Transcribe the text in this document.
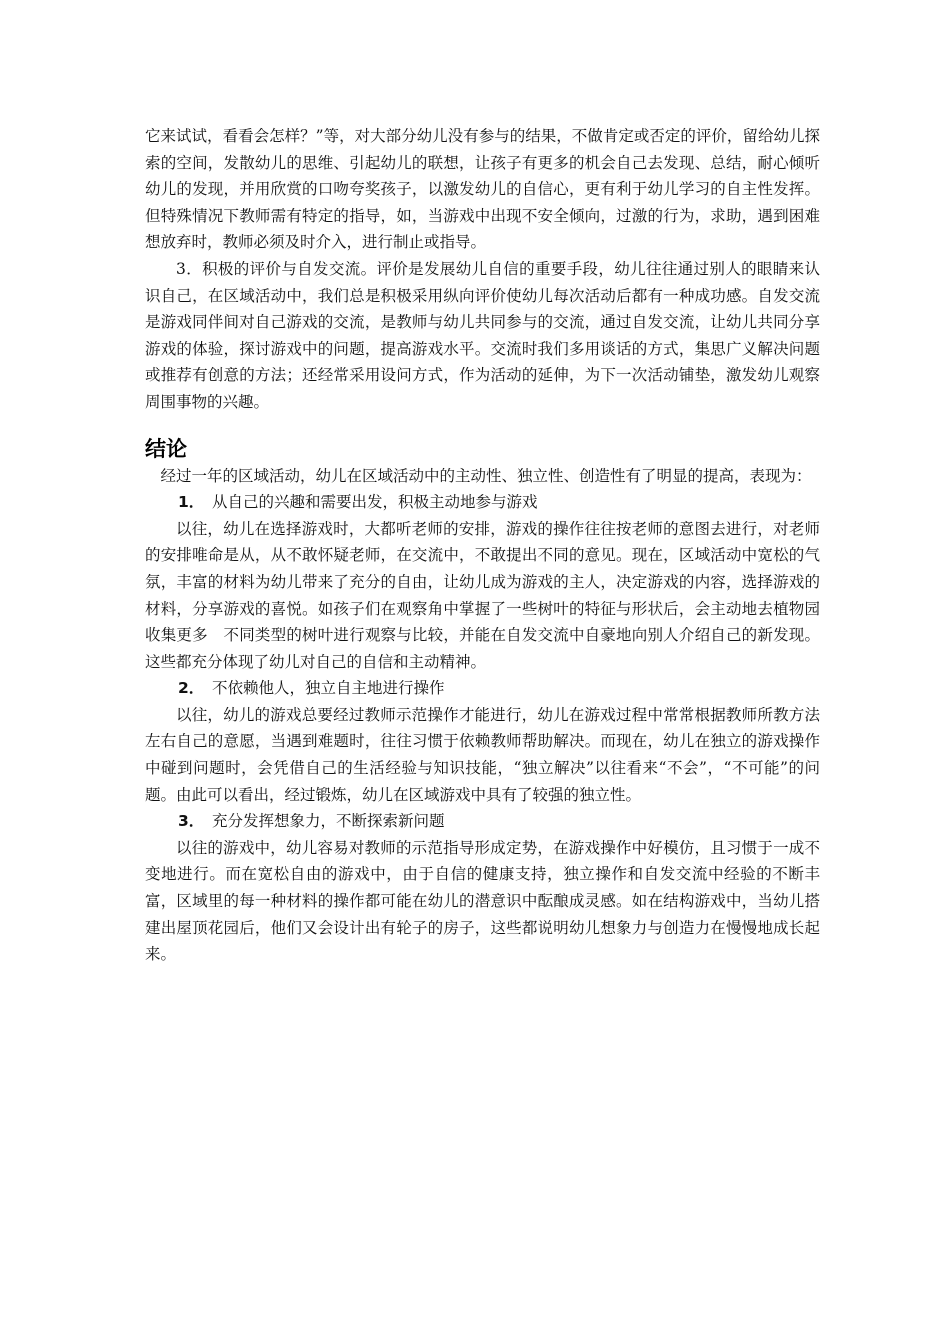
它来试试，看看会怎样？”等，对大部分幼儿没有参与的结果，不做肯定或否定的评价，留给幼儿探索的空间，发散幼儿的思维、引起幼儿的联想，让孩子有更多的机会自己去发现、总结，耐心倾听幼儿的发现，并用欣赏的口吻夸奖孩子，以激发幼儿的自信心，更有利于幼儿学习的自主性发挥。但特殊情况下教师需有特定的指导，如，当游戏中出现不安全倾向，过激的行为，求助，遇到困难想放弃时，教师必须及时介入，进行制止或指导。

3．积极的评价与自发交流。评价是发展幼儿自信的重要手段，幼儿往往通过别人的眼睛来认识自己，在区域活动中，我们总是积极采用纵向评价使幼儿每次活动后都有一种成功感。自发交流是游戏同伴间对自己游戏的交流，是教师与幼儿共同参与的交流，通过自发交流，让幼儿共同分享游戏的体验，探讨游戏中的问题，提高游戏水平。交流时我们多用谈话的方式，集思广义解决问题或推荐有创意的方法；还经常采用设问方式，作为活动的延伸，为下一次活动铺垫，激发幼儿观察周围事物的兴趣。

结论

经过一年的区域活动，幼儿在区域活动中的主动性、独立性、创造性有了明显的提高，表现为：

1． 从自己的兴趣和需要出发，积极主动地参与游戏

以往，幼儿在选择游戏时，大都听老师的安排，游戏的操作往往按老师的意图去进行，对老师的安排唯命是从，从不敢怀疑老师，在交流中，不敢提出不同的意见。现在，区域活动中宽松的气氛，丰富的材料为幼儿带来了充分的自由，让幼儿成为游戏的主人，决定游戏的内容，选择游戏的材料，分享游戏的喜悦。如孩子们在观察角中掌握了一些树叶的特征与形状后，会主动地去植物园收集更多　不同类型的树叶进行观察与比较，并能在自发交流中自豪地向别人介绍自己的新发现。这些都充分体现了幼儿对自己的自信和主动精神。

2． 不依赖他人，独立自主地进行操作

以往，幼儿的游戏总要经过教师示范操作才能进行，幼儿在游戏过程中常常根据教师所教方法左右自己的意愿，当遇到难题时，往往习惯于依赖教师帮助解决。而现在，幼儿在独立的游戏操作中碰到问题时，会凭借自己的生活经验与知识技能，“独立解决”以往看来“不会”，“不可能”的问题。由此可以看出，经过锻炼，幼儿在区域游戏中具有了较强的独立性。

3． 充分发挥想象力，不断探索新问题

以往的游戏中，幼儿容易对教师的示范指导形成定势，在游戏操作中好模仿，且习惯于一成不变地进行。而在宽松自由的游戏中，由于自信的健康支持，独立操作和自发交流中经验的不断丰富，区域里的每一种材料的操作都可能在幼儿的潜意识中酝酿成灵感。如在结构游戏中，当幼儿搭建出屋顶花园后，他们又会设计出有轮子的房子，这些都说明幼儿想象力与创造力在慢慢地成长起来。
